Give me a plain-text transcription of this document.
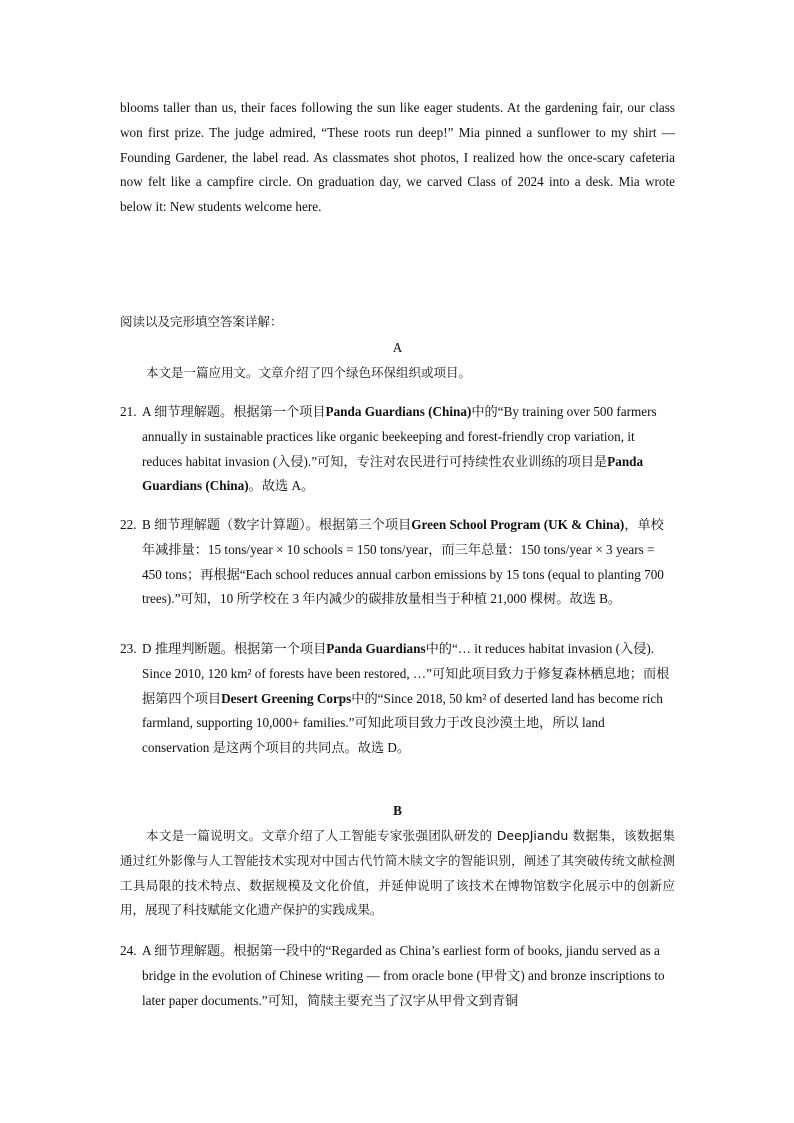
blooms taller than us, their faces following the sun like eager students. At the gardening fair, our class won first prize. The judge admired, “These roots run deep!” Mia pinned a sunflower to my shirt — Founding Gardener, the label read. As classmates shot photos, I realized how the once-scary cafeteria now felt like a campfire circle. On graduation day, we carved Class of 2024 into a desk. Mia wrote below it: New students welcome here.
阅读以及完形填空答案详解：
A
本文是一篇应用文。文章介绍了四个绿色环保组织或项目。
21. A 细节理解题。根据第一个项目Panda Guardians (China)中的“By training over 500 farmers annually in sustainable practices like organic beekeeping and forest-friendly crop variation, it reduces habitat invasion (入侵).”可知，专注对农民进行可持续性农业训练的项目是Panda Guardians (China)。故选 A。
22. B 细节理解题（数字计算题）。根据第三个项目Green School Program (UK & China)，单校年减排量：15 tons/year × 10 schools = 150 tons/year，而三年总量：150 tons/year × 3 years = 450 tons；再根据“Each school reduces annual carbon emissions by 15 tons (equal to planting 700 trees).”可知，10 所学校在 3 年内减少的碳排放量相当于种植 21,000 棵树。故选 B。
23. D 推理判断题。根据第一个项目Panda Guardians中的“… it reduces habitat invasion (入侵). Since 2010, 120 km² of forests have been restored, …”可知此项目致力于修复森林栖息地；而根据第四个项目Desert Greening Corps中的“Since 2018, 50 km² of deserted land has become rich farmland, supporting 10,000+ families.”可知此项目致力于改良沙漠土地，所以 land conservation 是这两个项目的共同点。故选 D。
B
本文是一篇说明文。文章介绍了人工智能专家张强团队研发的 DeepJiandu 数据集，该数据集通过红外影像与人工智能技术实现对中国古代竹简木牍文字的智能识别，阐述了其突破传统文献检测工具局限的技术特点、数据规模及文化价值，并延伸说明了该技术在博物馆数字化展示中的创新应用，展现了科技赋能文化遗产保护的实践成果。
24. A 细节理解题。根据第一段中的“Regarded as China’s earliest form of books, jiandu served as a bridge in the evolution of Chinese writing — from oracle bone (甲骨文) and bronze inscriptions to later paper documents.”可知，简牍主要充当了汉字从甲骨文到青铜
